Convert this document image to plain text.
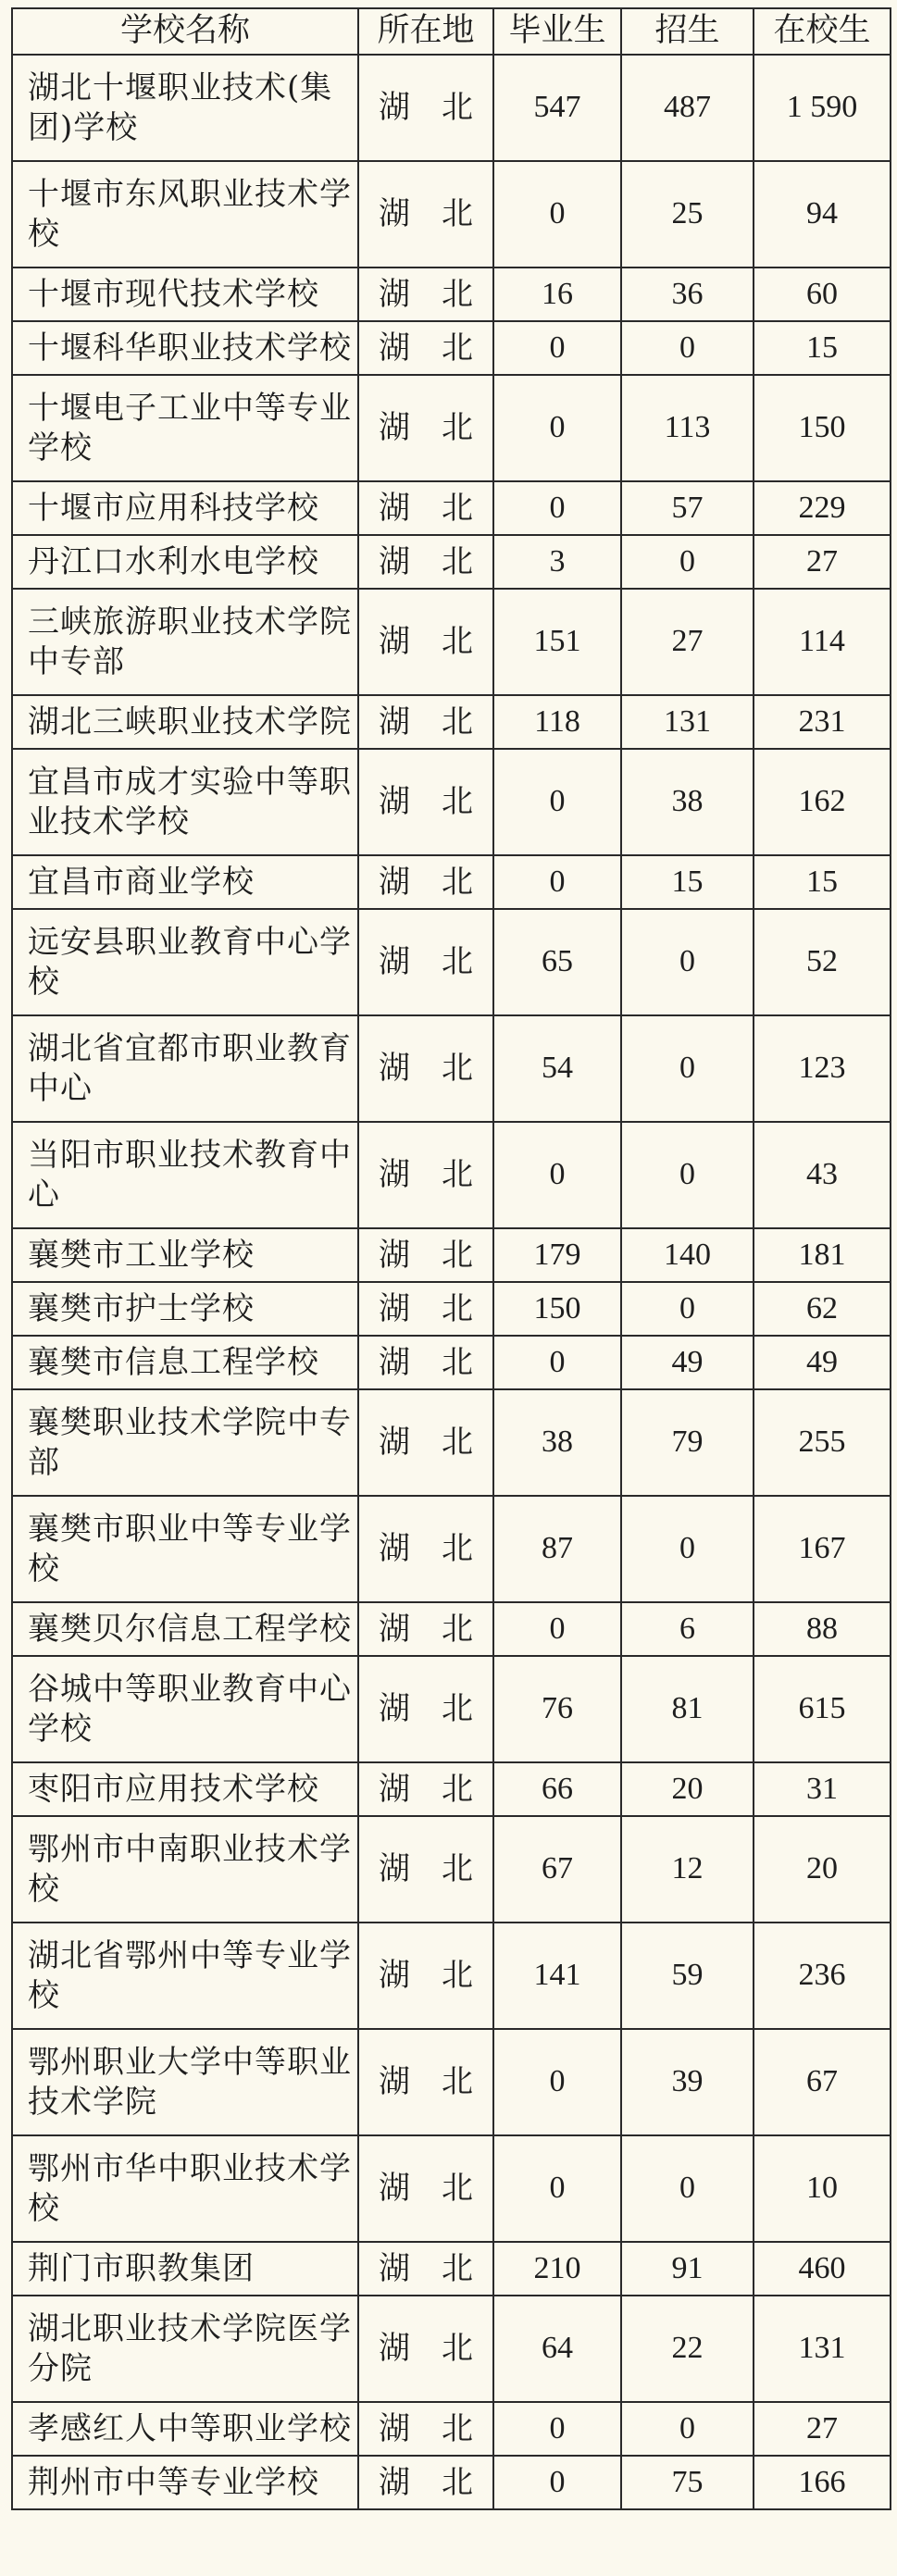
学校名称	所在地	毕业生	招生	在校生
湖北十堰职业技术(集团)学校	湖　北	547	487	1 590
十堰市东风职业技术学校	湖　北	0	25	94
十堰市现代技术学校	湖　北	16	36	60
十堰科华职业技术学校	湖　北	0	0	15
十堰电子工业中等专业学校	湖　北	0	113	150
十堰市应用科技学校	湖　北	0	57	229
丹江口水利水电学校	湖　北	3	0	27
三峡旅游职业技术学院中专部	湖　北	151	27	114
湖北三峡职业技术学院	湖　北	118	131	231
宜昌市成才实验中等职业技术学校	湖　北	0	38	162
宜昌市商业学校	湖　北	0	15	15
远安县职业教育中心学校	湖　北	65	0	52
湖北省宜都市职业教育中心	湖　北	54	0	123
当阳市职业技术教育中心	湖　北	0	0	43
襄樊市工业学校	湖　北	179	140	181
襄樊市护士学校	湖　北	150	0	62
襄樊市信息工程学校	湖　北	0	49	49
襄樊职业技术学院中专部	湖　北	38	79	255
襄樊市职业中等专业学校	湖　北	87	0	167
襄樊贝尔信息工程学校	湖　北	0	6	88
谷城中等职业教育中心学校	湖　北	76	81	615
枣阳市应用技术学校	湖　北	66	20	31
鄂州市中南职业技术学校	湖　北	67	12	20
湖北省鄂州中等专业学校	湖　北	141	59	236
鄂州职业大学中等职业技术学院	湖　北	0	39	67
鄂州市华中职业技术学校	湖　北	0	0	10
荆门市职教集团	湖　北	210	91	460
湖北职业技术学院医学分院	湖　北	64	22	131
孝感红人中等职业学校	湖　北	0	0	27
荆州市中等专业学校	湖　北	0	75	166
